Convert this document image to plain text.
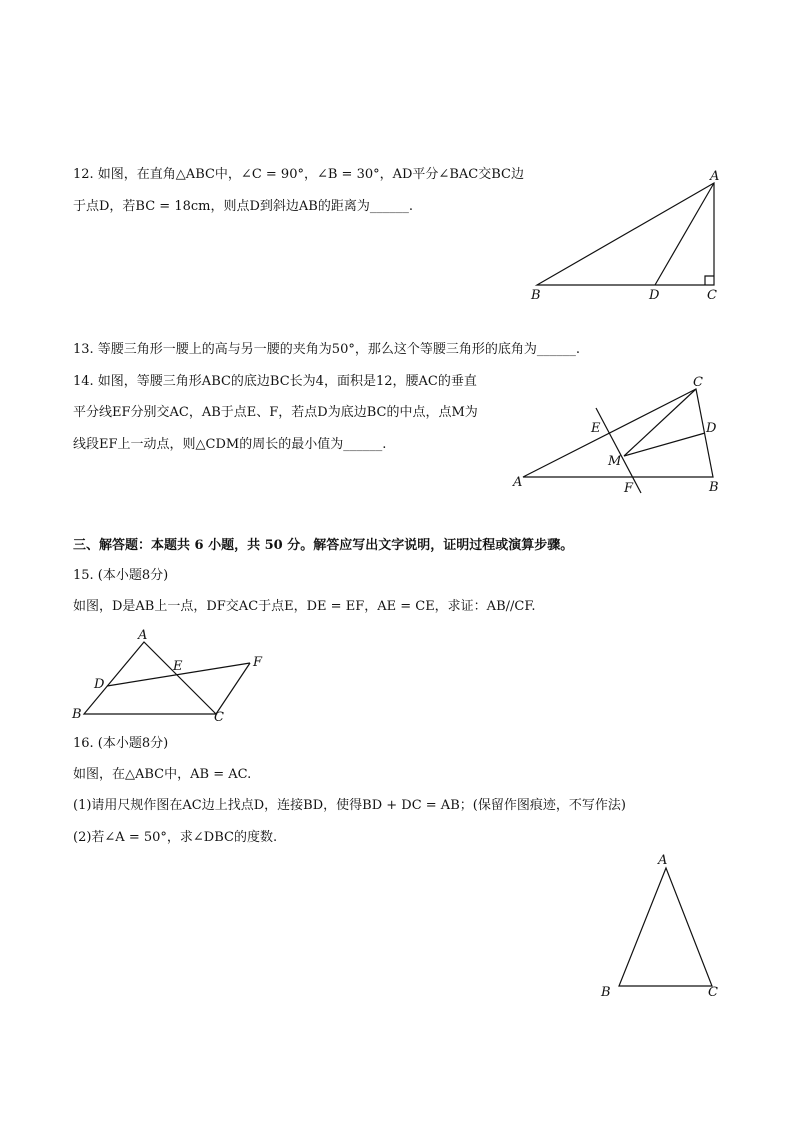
12. 如图，在直角△ABC中，∠C = 90°，∠B = 30°，AD平分∠BAC交BC边
于点D，若BC = 18cm，则点D到斜边AB的距离为______.
A
B	D	C
13. 等腰三角形一腰上的高与另一腰的夹角为50°，那么这个等腰三角形的底角为______.
14. 如图，等腰三角形ABC的底边BC长为4，面积是12，腰AC的垂直
平分线EF分别交AC，AB于点E、F，若点D为底边BC的中点，点M为
线段EF上一动点，则△CDM的周长的最小值为______.
C
E	D
M
A	F	B
三、解答题：本题共 6 小题，共 50 分。解答应写出文字说明，证明过程或演算步骤。
15. (本小题8分)
如图，D是AB上一点，DF交AC于点E，DE = EF，AE = CE，求证：AB//CF.
A
E	F
D
B	C
16. (本小题8分)
如图，在△ABC中，AB = AC.
(1)请用尺规作图在AC边上找点D，连接BD，使得BD + DC = AB；(保留作图痕迹，不写作法)
(2)若∠A = 50°，求∠DBC的度数.
A
B	C
